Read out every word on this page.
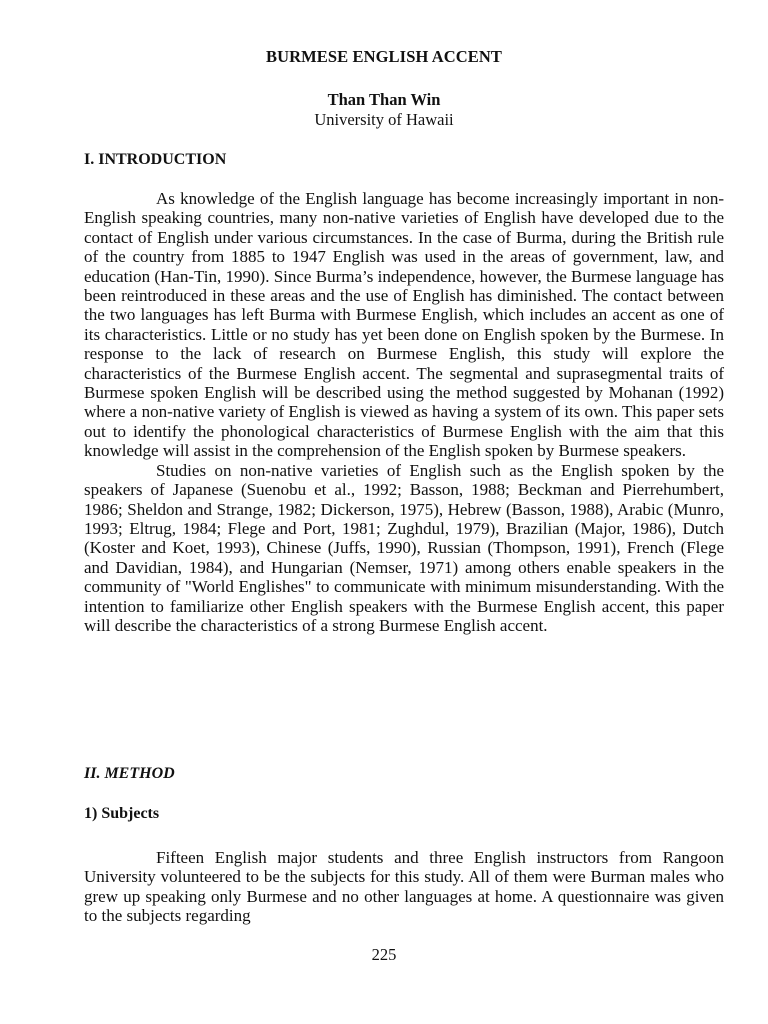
BURMESE ENGLISH ACCENT
Than Than Win
University of Hawaii
I. INTRODUCTION

As knowledge of the English language has become increasingly important in non-English speaking countries, many non-native varieties of English have developed due to the contact of English under various circumstances. In the case of Burma, during the British rule of the country from 1885 to 1947 English was used in the areas of government, law, and education (Han-Tin, 1990). Since Burma’s independence, however, the Burmese language has been reintroduced in these areas and the use of English has diminished. The contact between the two languages has left Burma with Burmese English, which includes an accent as one of its characteristics. Little or no study has yet been done on English spoken by the Burmese. In response to the lack of research on Burmese English, this study will explore the characteristics of the Burmese English accent. The segmental and suprasegmental traits of Burmese spoken English will be described using the method suggested by Mohanan (1992) where a non-native variety of English is viewed as having a system of its own. This paper sets out to identify the phonological characteristics of Burmese English with the aim that this knowledge will assist in the comprehension of the English spoken by Burmese speakers.

Studies on non-native varieties of English such as the English spoken by the speakers of Japanese (Suenobu et al., 1992; Basson, 1988; Beckman and Pierrehumbert, 1986; Sheldon and Strange, 1982; Dickerson, 1975), Hebrew (Basson, 1988), Arabic (Munro, 1993; Eltrug, 1984; Flege and Port, 1981; Zughdul, 1979), Brazilian (Major, 1986), Dutch (Koster and Koet, 1993), Chinese (Juffs, 1990), Russian (Thompson, 1991), French (Flege and Davidian, 1984), and Hungarian (Nemser, 1971) among others enable speakers in the community of "World Englishes" to communicate with minimum misunderstanding. With the intention to familiarize other English speakers with the Burmese English accent, this paper will describe the characteristics of a strong Burmese English accent.

II. METHOD
1) Subjects

Fifteen English major students and three English instructors from Rangoon University volunteered to be the subjects for this study. All of them were Burman males who grew up speaking only Burmese and no other languages at home. A questionnaire was given to the subjects regarding

225
